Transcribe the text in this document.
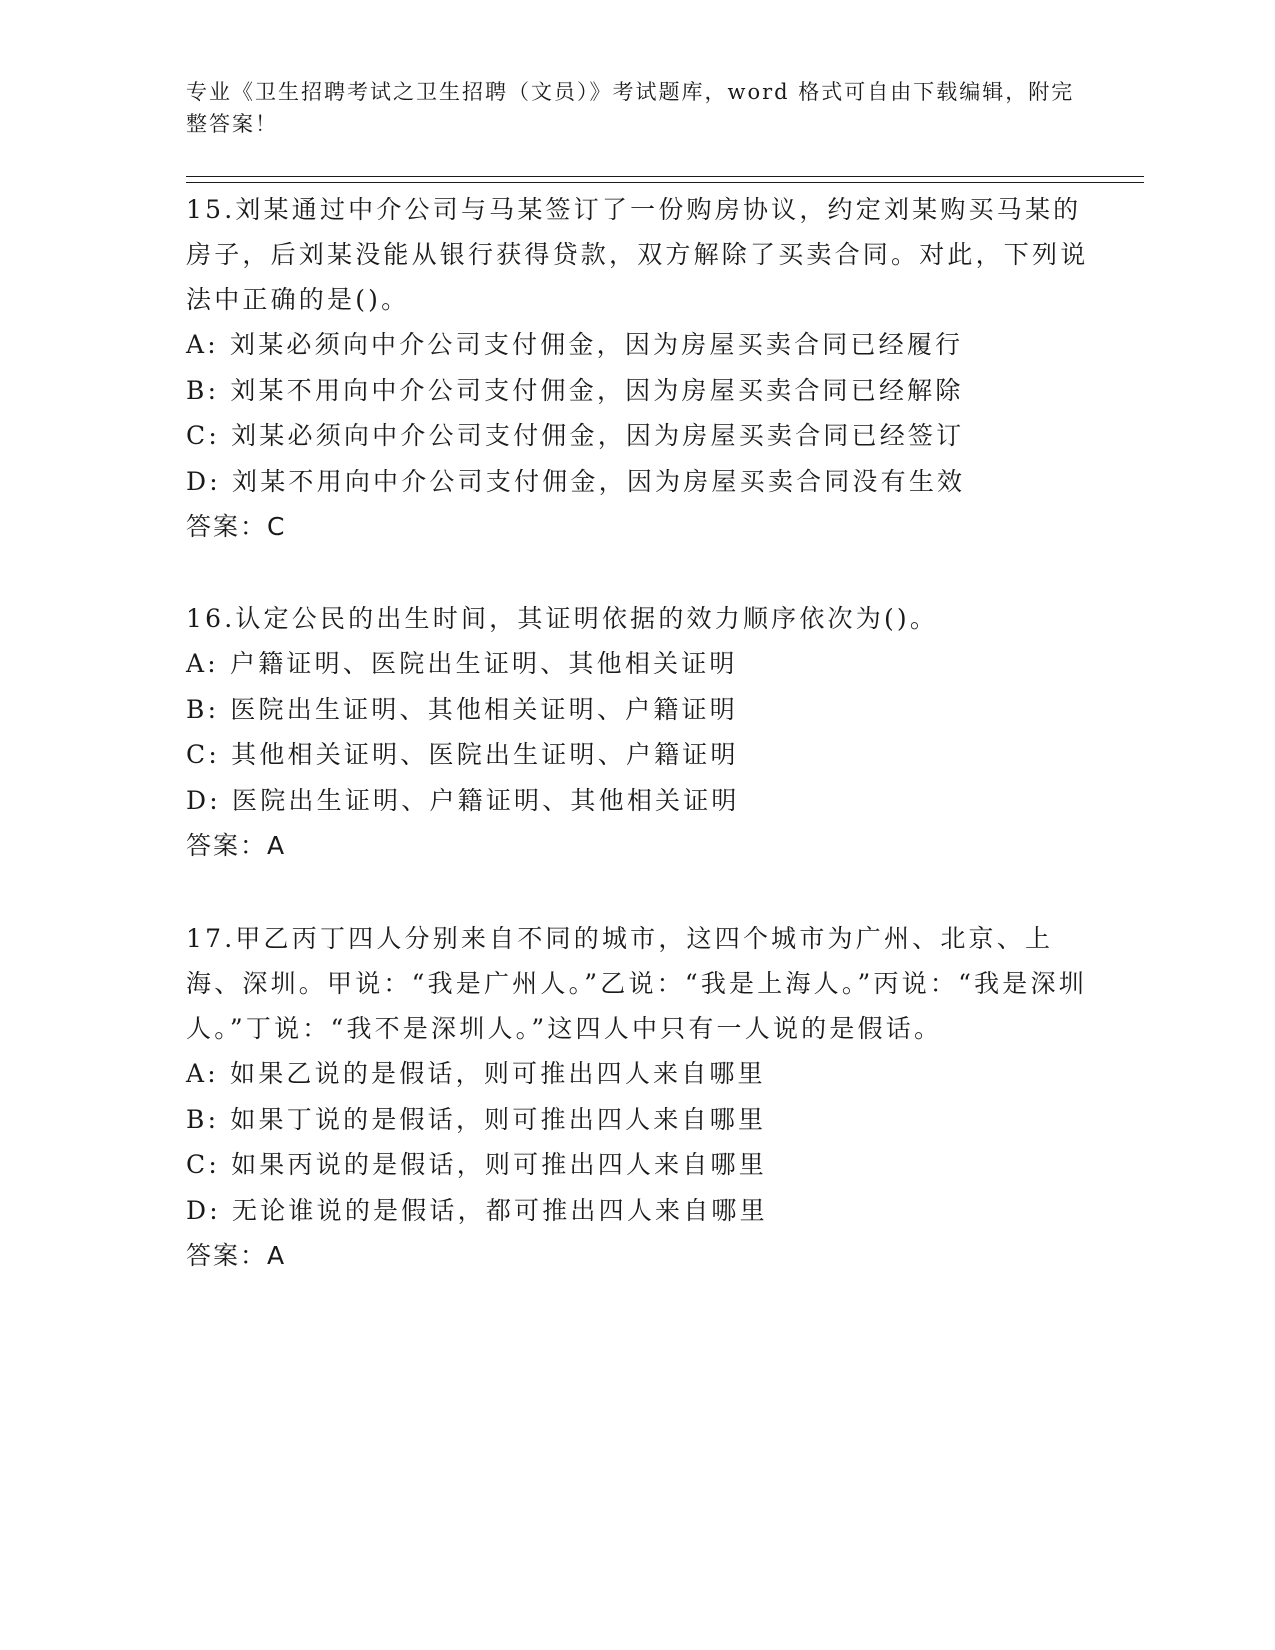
专业《卫生招聘考试之卫生招聘（文员）》考试题库，word 格式可自由下载编辑，附完整答案！
15.刘某通过中介公司与马某签订了一份购房协议，约定刘某购买马某的房子，后刘某没能从银行获得贷款，双方解除了买卖合同。对此，下列说法中正确的是()。
A: 刘某必须向中介公司支付佣金，因为房屋买卖合同已经履行
B: 刘某不用向中介公司支付佣金，因为房屋买卖合同已经解除
C: 刘某必须向中介公司支付佣金，因为房屋买卖合同已经签订
D: 刘某不用向中介公司支付佣金，因为房屋买卖合同没有生效
答案：C
16.认定公民的出生时间，其证明依据的效力顺序依次为()。
A: 户籍证明、医院出生证明、其他相关证明
B: 医院出生证明、其他相关证明、户籍证明
C: 其他相关证明、医院出生证明、户籍证明
D: 医院出生证明、户籍证明、其他相关证明
答案：A
17.甲乙丙丁四人分别来自不同的城市，这四个城市为广州、北京、上海、深圳。甲说：“我是广州人。”乙说：“我是上海人。”丙说：“我是深圳人。”丁说：“我不是深圳人。”这四人中只有一人说的是假话。
A: 如果乙说的是假话，则可推出四人来自哪里
B: 如果丁说的是假话，则可推出四人来自哪里
C: 如果丙说的是假话，则可推出四人来自哪里
D: 无论谁说的是假话，都可推出四人来自哪里
答案：A
